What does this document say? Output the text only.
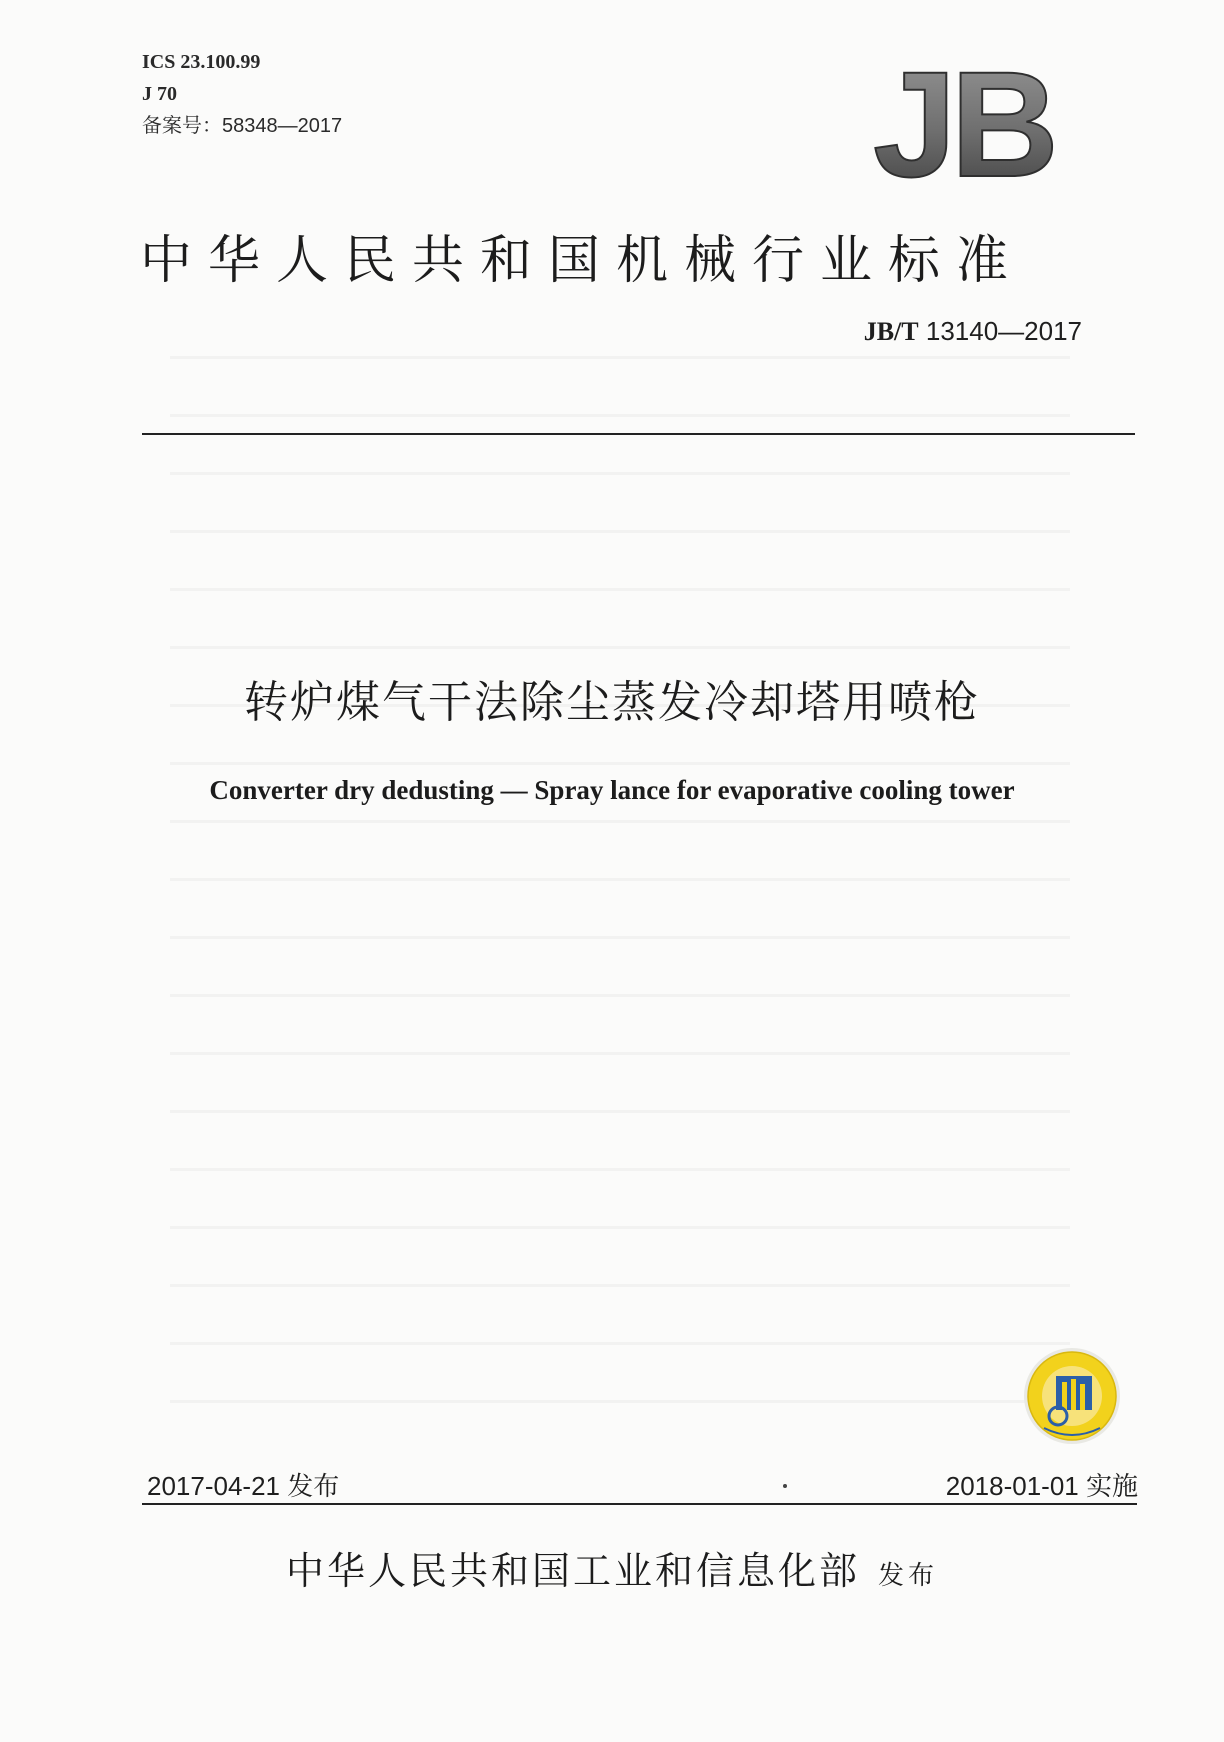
ICS 23.100.99
J 70
备案号：58348—2017	JB
中华人民共和国机械行业标准
JB/T 13140—2017
转炉煤气干法除尘蒸发冷却塔用喷枪
Converter dry dedusting — Spray lance for evaporative cooling tower
2017-04-21 发布	2018-01-01 实施
中华人民共和国工业和信息化部 发布
